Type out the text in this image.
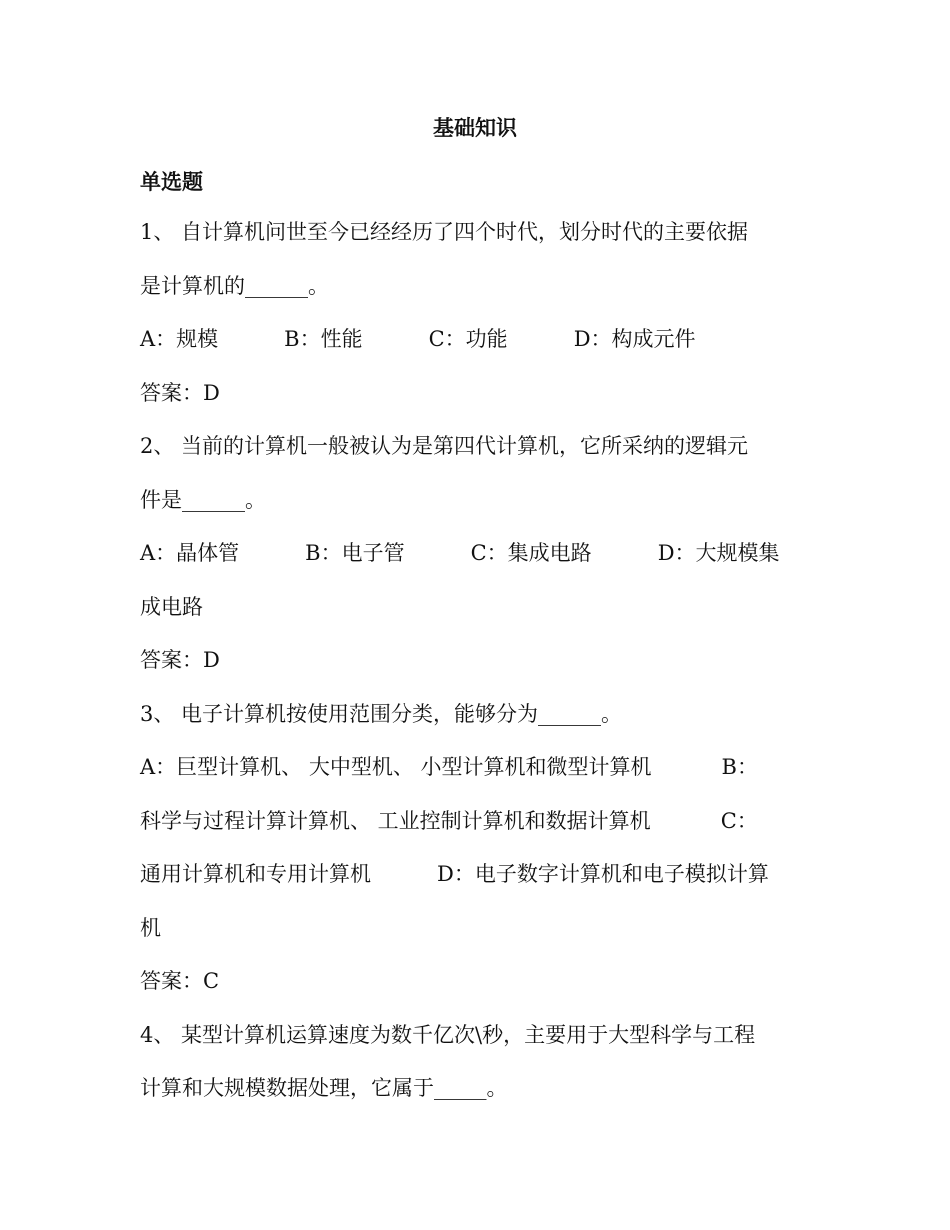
基础知识
单选题
1、 自计算机问世至今已经经历了四个时代，划分时代的主要依据
是计算机的______。
A：规模	B：性能	C：功能	D：构成元件
答案：D
2、 当前的计算机一般被认为是第四代计算机，它所采纳的逻辑元
件是______。
A：晶体管	B：电子管	C：集成电路	D：大规模集
成电路
答案：D
3、 电子计算机按使用范围分类，能够分为______。
A：巨型计算机、 大中型机、 小型计算机和微型计算机	B：
科学与过程计算计算机、 工业控制计算机和数据计算机	C：
通用计算机和专用计算机	D：电子数字计算机和电子模拟计算
机
答案：C
4、 某型计算机运算速度为数千亿次\秒，主要用于大型科学与工程
计算和大规模数据处理，它属于_____。
